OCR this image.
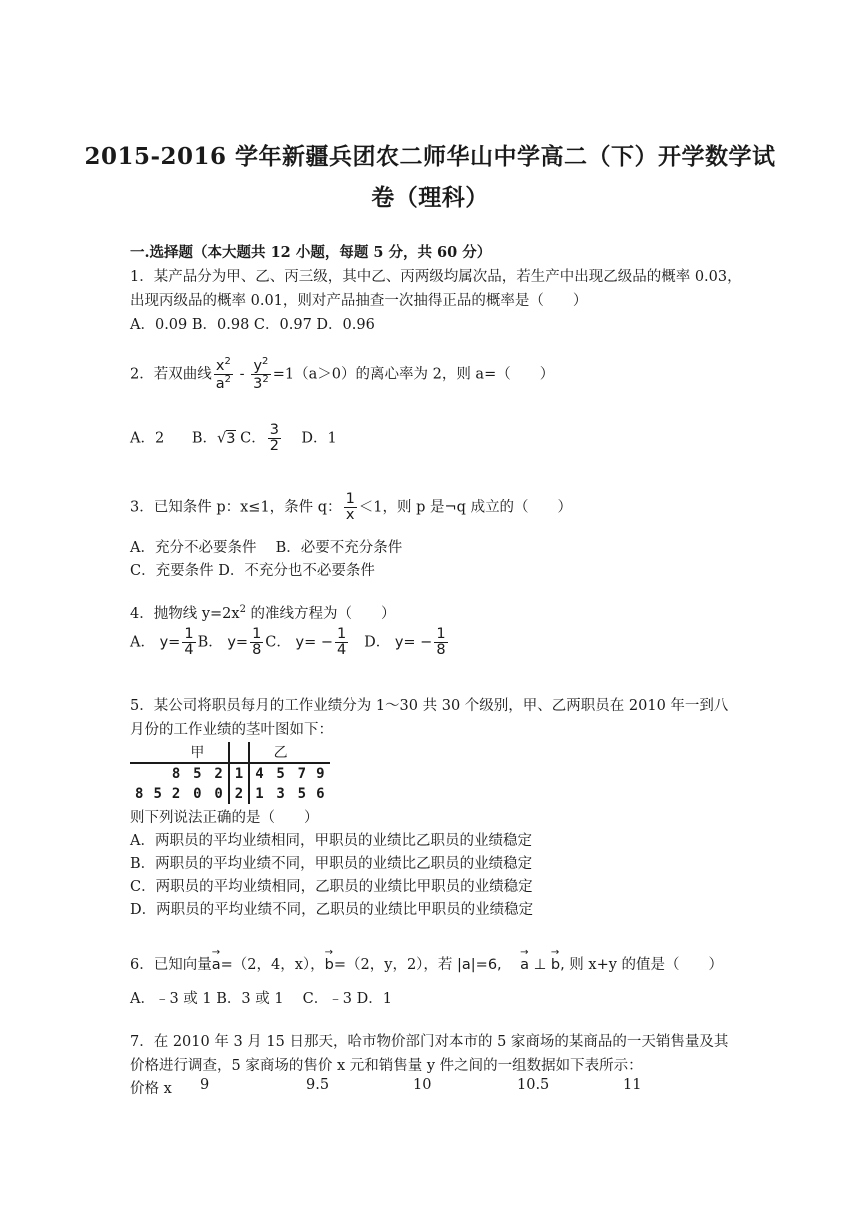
2015-2016 学年新疆兵团农二师华山中学高二（下）开学数学试
卷（理科）
一.选择题（本大题共 12 小题，每题 5 分，共 60 分）
1．某产品分为甲、乙、丙三级，其中乙、丙两级均属次品，若生产中出现乙级品的概率 0.03，
出现丙级品的概率 0.01，则对产品抽查一次抽得正品的概率是（　　）
A．0.09 B．0.98 C．0.97 D．0.96
2．若双曲线 $\frac{x^2}{a^2} - \frac{y^2}{3^2} =1(a>0)$的离心率为 2，则 a=（　　）
A．2 B．√3 C． $\frac{3}{2}$ D．1
3．已知条件 p：x≤1，条件 q： $\frac{1}{x} <1$，则 p 是¬q 成立的（　　）
A．充分不必要条件　 B．必要不充分条件
C．充要条件 D．不充分也不必要条件
4．抛物线 $y=2x^2$ 的准线方程为（　　）
A． $y= \frac{1}{4}$ B． $y= \frac{1}{8}$ C． $y= - \frac{1}{4}$ D． $y= - \frac{1}{8}$
5．某公司将职员每月的工作业绩分为 1～30 共 30 个级别，甲、乙两职员在 2010 年一到八
月份的工作业绩的茎叶图如下：
			甲				乙		
		8	5	2	1	4	5	7	9
8	5	2	0	0	2	1	3	5	6
则下列说法正确的是（　　）
A．两职员的平均业绩相同，甲职员的业绩比乙职员的业绩稳定
B．两职员的平均业绩不同，甲职员的业绩比乙职员的业绩稳定
C．两职员的平均业绩相同，乙职员的业绩比甲职员的业绩稳定
D．两职员的平均业绩不同，乙职员的业绩比甲职员的业绩稳定
6．已知向量→ a=（2，4，x），→ b=（2，y，2），若 |a|=6, → a ⊥ → b, 则 x+y 的值是（　　）
A．﹣3 或 1 B．3 或 1　 C．﹣3 D．1
7．在 2010 年 3 月 15 日那天，哈市物价部门对本市的 5 家商场的某商品的一天销售量及其
价格进行调查，5 家商场的售价 x 元和销售量 y 件之间的一组数据如下表所示：
价格 x 9	9.5	10	10.5	11
